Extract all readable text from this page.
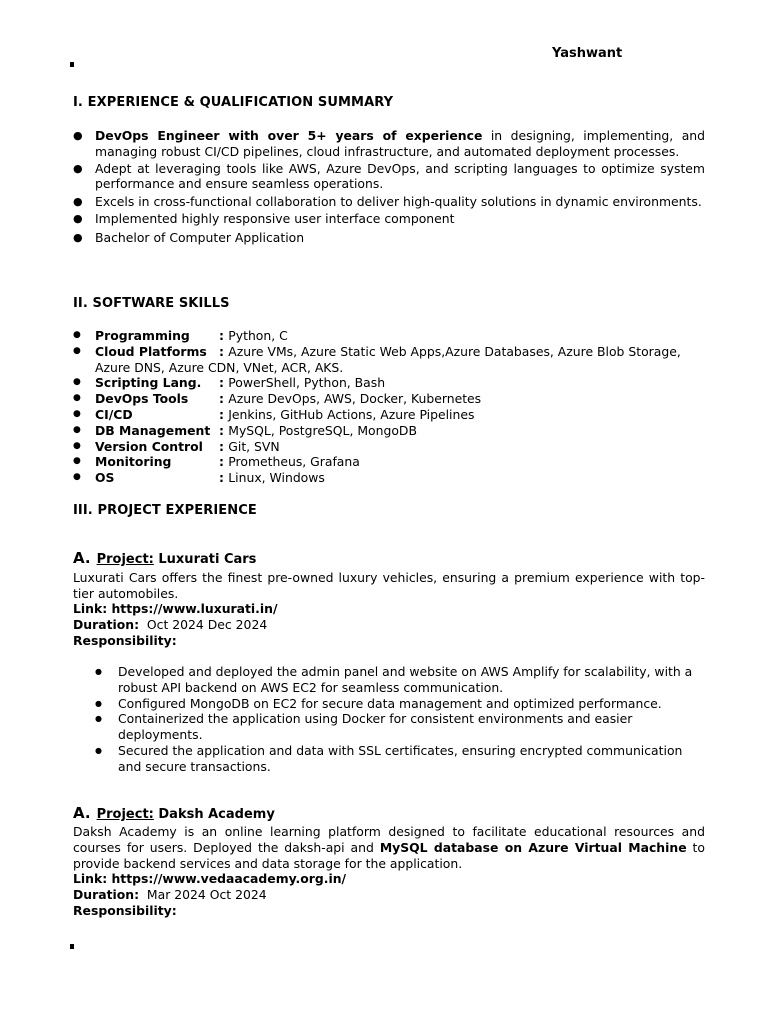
Yashwant
I. EXPERIENCE & QUALIFICATION SUMMARY
● DevOps Engineer with over 5+ years of experience in designing, implementing, and managing robust CI/CD pipelines, cloud infrastructure, and automated deployment processes.
● Adept at leveraging tools like AWS, Azure DevOps, and scripting languages to optimize system performance and ensure seamless operations.
● Excels in cross-functional collaboration to deliver high-quality solutions in dynamic environments.
● Implemented highly responsive user interface component
● Bachelor of Computer Application
II. SOFTWARE SKILLS
● Programming : Python, C
● Cloud Platforms : Azure VMs, Azure Static Web Apps,Azure Databases, Azure Blob Storage, Azure DNS, Azure CDN, VNet, ACR, AKS.
● Scripting Lang. : PowerShell, Python, Bash
● DevOps Tools : Azure DevOps, AWS, Docker, Kubernetes
● CI/CD	: Jenkins, GitHub Actions, Azure Pipelines
● DB Management : MySQL, PostgreSQL, MongoDB
● Version Control : Git, SVN
● Monitoring	: Prometheus, Grafana
● OS	: Linux, Windows
III. PROJECT EXPERIENCE
A. Project: Luxurati Cars
Luxurati Cars offers the finest pre-owned luxury vehicles, ensuring a premium experience with top-tier automobiles.
Link: https://www.luxurati.in/
Duration:  Oct 2024 Dec 2024
Responsibility:
● Developed and deployed the admin panel and website on AWS Amplify for scalability, with a robust API backend on AWS EC2 for seamless communication.
● Configured MongoDB on EC2 for secure data management and optimized performance.
● Containerized the application using Docker for consistent environments and easier deployments.
● Secured the application and data with SSL certificates, ensuring encrypted communication and secure transactions.
A. Project: Daksh Academy
Daksh Academy is an online learning platform designed to facilitate educational resources and courses for users. Deployed the daksh-api and MySQL database on Azure Virtual Machine to provide backend services and data storage for the application.
Link: https://www.vedaacademy.org.in/
Duration:  Mar 2024 Oct 2024
Responsibility:
